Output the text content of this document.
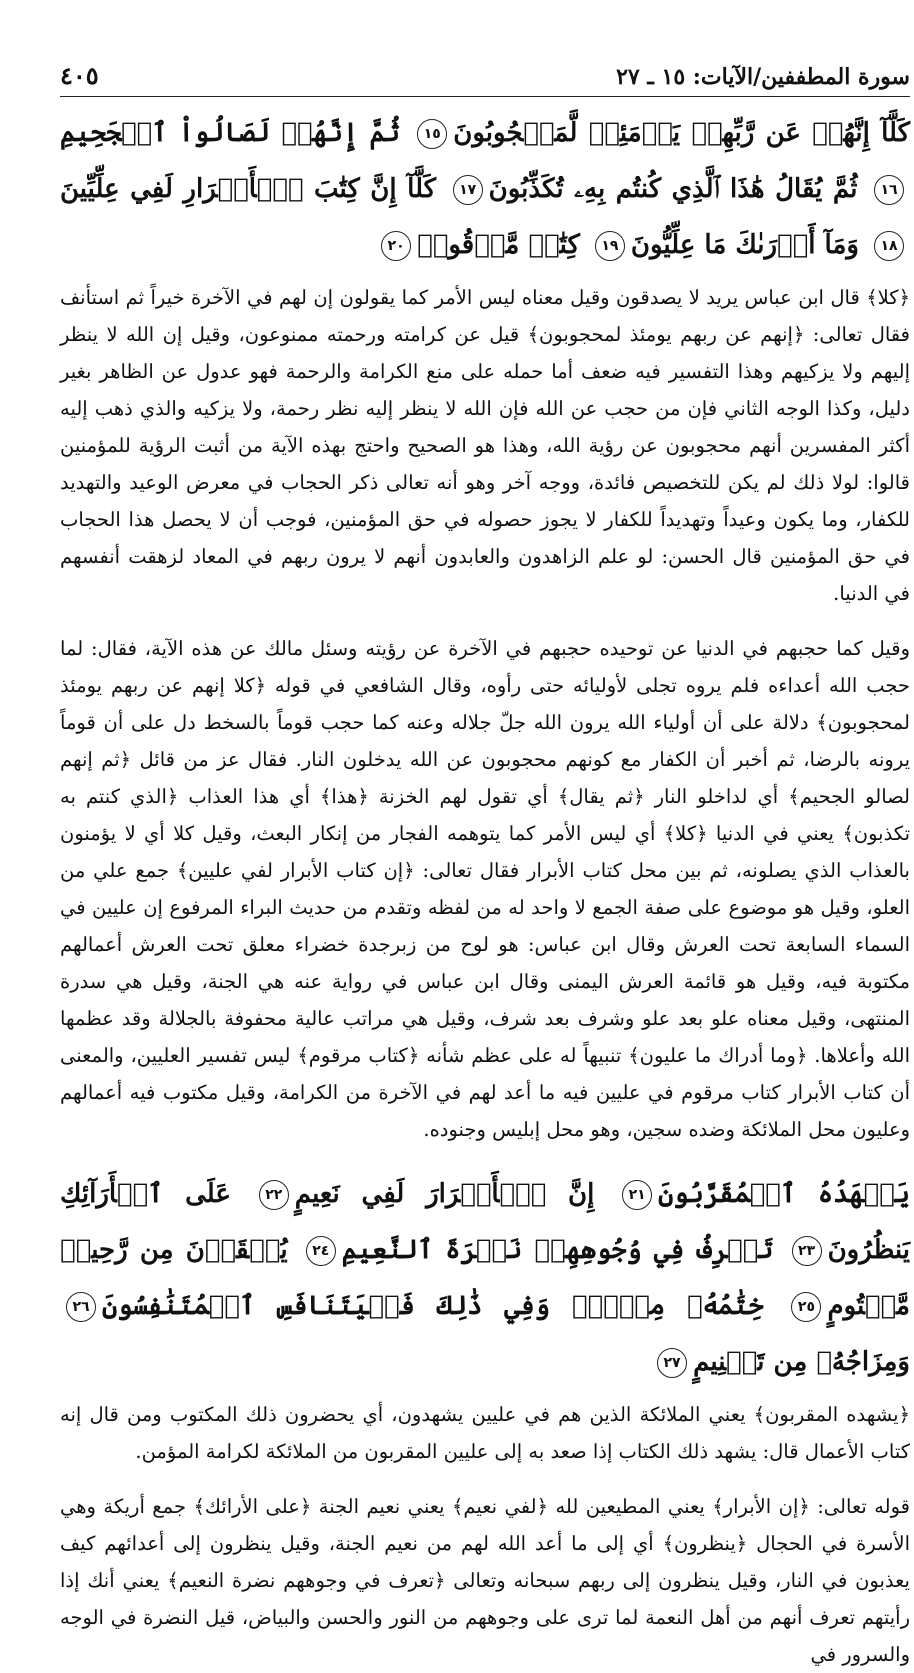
سورة المطففين/الآيات: ١٥ ـ ٢٧
٤٠٥
كَلَّآ إِنَّهُمۡ عَن رَّبِّهِمۡ يَوۡمَئِذٖ لَّمَحۡجُوبُونَ١٥ ثُمَّ إِنَّهُمۡ لَصَالُواْ ٱلۡجَحِيمِ١٦ ثُمَّ يُقَالُ هَٰذَا ٱلَّذِي كُنتُم بِهِۦ تُكَذِّبُونَ١٧ كَلَّآ إِنَّ كِتَٰبَ ٱلۡأَبۡرَارِ لَفِي عِلِّيِّينَ١٨ وَمَآ أَدۡرَىٰكَ مَا عِلِّيُّونَ١٩ كِتَٰبٞ مَّرۡقُومٞ٢٠

﴿كلا﴾ قال ابن عباس يريد لا يصدقون وقيل معناه ليس الأمر كما يقولون إن لهم في الآخرة خيراً ثم استأنف فقال تعالى: ﴿إنهم عن ربهم يومئذ لمحجوبون﴾ قيل عن كرامته ورحمته ممنوعون، وقيل إن الله لا ينظر إليهم ولا يزكيهم وهذا التفسير فيه ضعف أما حمله على منع الكرامة والرحمة فهو عدول عن الظاهر بغير دليل، وكذا الوجه الثاني فإن من حجب عن الله فإن الله لا ينظر إليه نظر رحمة، ولا يزكيه والذي ذهب إليه أكثر المفسرين أنهم محجوبون عن رؤية الله، وهذا هو الصحيح واحتج بهذه الآية من أثبت الرؤية للمؤمنين قالوا: لولا ذلك لم يكن للتخصيص فائدة، ووجه آخر وهو أنه تعالى ذكر الحجاب في معرض الوعيد والتهديد للكفار، وما يكون وعيداً وتهديداً للكفار لا يجوز حصوله في حق المؤمنين، فوجب أن لا يحصل هذا الحجاب في حق المؤمنين قال الحسن: لو علم الزاهدون والعابدون أنهم لا يرون ربهم في المعاد لزهقت أنفسهم في الدنيا.

وقيل كما حجبهم في الدنيا عن توحيده حجبهم في الآخرة عن رؤيته وسئل مالك عن هذه الآية، فقال: لما حجب الله أعداءه فلم يروه تجلى لأوليائه حتى رأوه، وقال الشافعي في قوله ﴿كلا إنهم عن ربهم يومئذ لمحجوبون﴾ دلالة على أن أولياء الله يرون الله جلّ جلاله وعنه كما حجب قوماً بالسخط دل على أن قوماً يرونه بالرضا، ثم أخبر أن الكفار مع كونهم محجوبون عن الله يدخلون النار. فقال عز من قائل ﴿ثم إنهم لصالو الجحيم﴾ أي لداخلو النار ﴿ثم يقال﴾ أي تقول لهم الخزنة ﴿هذا﴾ أي هذا العذاب ﴿الذي كنتم به تكذبون﴾ يعني في الدنيا ﴿كلا﴾ أي ليس الأمر كما يتوهمه الفجار من إنكار البعث، وقيل كلا أي لا يؤمنون بالعذاب الذي يصلونه، ثم بين محل كتاب الأبرار فقال تعالى: ﴿إن كتاب الأبرار لفي عليين﴾ جمع علي من العلو، وقيل هو موضوع على صفة الجمع لا واحد له من لفظه وتقدم من حديث البراء المرفوع إن عليين في السماء السابعة تحت العرش وقال ابن عباس: هو لوح من زبرجدة خضراء معلق تحت العرش أعمالهم مكتوبة فيه، وقيل هو قائمة العرش اليمنى وقال ابن عباس في رواية عنه هي الجنة، وقيل هي سدرة المنتهى، وقيل معناه علو بعد علو وشرف بعد شرف، وقيل هي مراتب عالية محفوفة بالجلالة وقد عظمها الله وأعلاها. ﴿وما أدراك ما عليون﴾ تنبيهاً له على عظم شأنه ﴿كتاب مرقوم﴾ ليس تفسير العليين، والمعنى أن كتاب الأبرار كتاب مرقوم في عليين فيه ما أعد لهم في الآخرة من الكرامة، وقيل مكتوب فيه أعمالهم وعليون محل الملائكة وضده سجين، وهو محل إبليس وجنوده.

يَشۡهَدُهُ ٱلۡمُقَرَّبُونَ٢١ إِنَّ ٱلۡأَبۡرَارَ لَفِي نَعِيمٍ٢٢ عَلَى ٱلۡأَرَآئِكِ يَنظُرُونَ٢٣ تَعۡرِفُ فِي وُجُوهِهِمۡ نَضۡرَةَ ٱلنَّعِيمِ٢٤ يُسۡقَوۡنَ مِن رَّحِيقٖ مَّخۡتُومٍ٢٥ خِتَٰمُهُۥ مِسۡكٞۚ وَفِي ذَٰلِكَ فَلۡيَتَنَافَسِ ٱلۡمُتَنَٰفِسُونَ٢٦ وَمِزَاجُهُۥ مِن تَسۡنِيمٍ٢٧

﴿يشهده المقربون﴾ يعني الملائكة الذين هم في عليين يشهدون، أي يحضرون ذلك المكتوب ومن قال إنه كتاب الأعمال قال: يشهد ذلك الكتاب إذا صعد به إلى عليين المقربون من الملائكة لكرامة المؤمن.

قوله تعالى: ﴿إن الأبرار﴾ يعني المطيعين لله ﴿لفي نعيم﴾ يعني نعيم الجنة ﴿على الأرائك﴾ جمع أريكة وهي الأسرة في الحجال ﴿ينظرون﴾ أي إلى ما أعد الله لهم من نعيم الجنة، وقيل ينظرون إلى أعدائهم كيف يعذبون في النار، وقيل ينظرون إلى ربهم سبحانه وتعالى ﴿تعرف في وجوههم نضرة النعيم﴾ يعني أنك إذا رأيتهم تعرف أنهم من أهل النعمة لما ترى على وجوههم من النور والحسن والبياض، قيل النضرة في الوجه والسرور في
